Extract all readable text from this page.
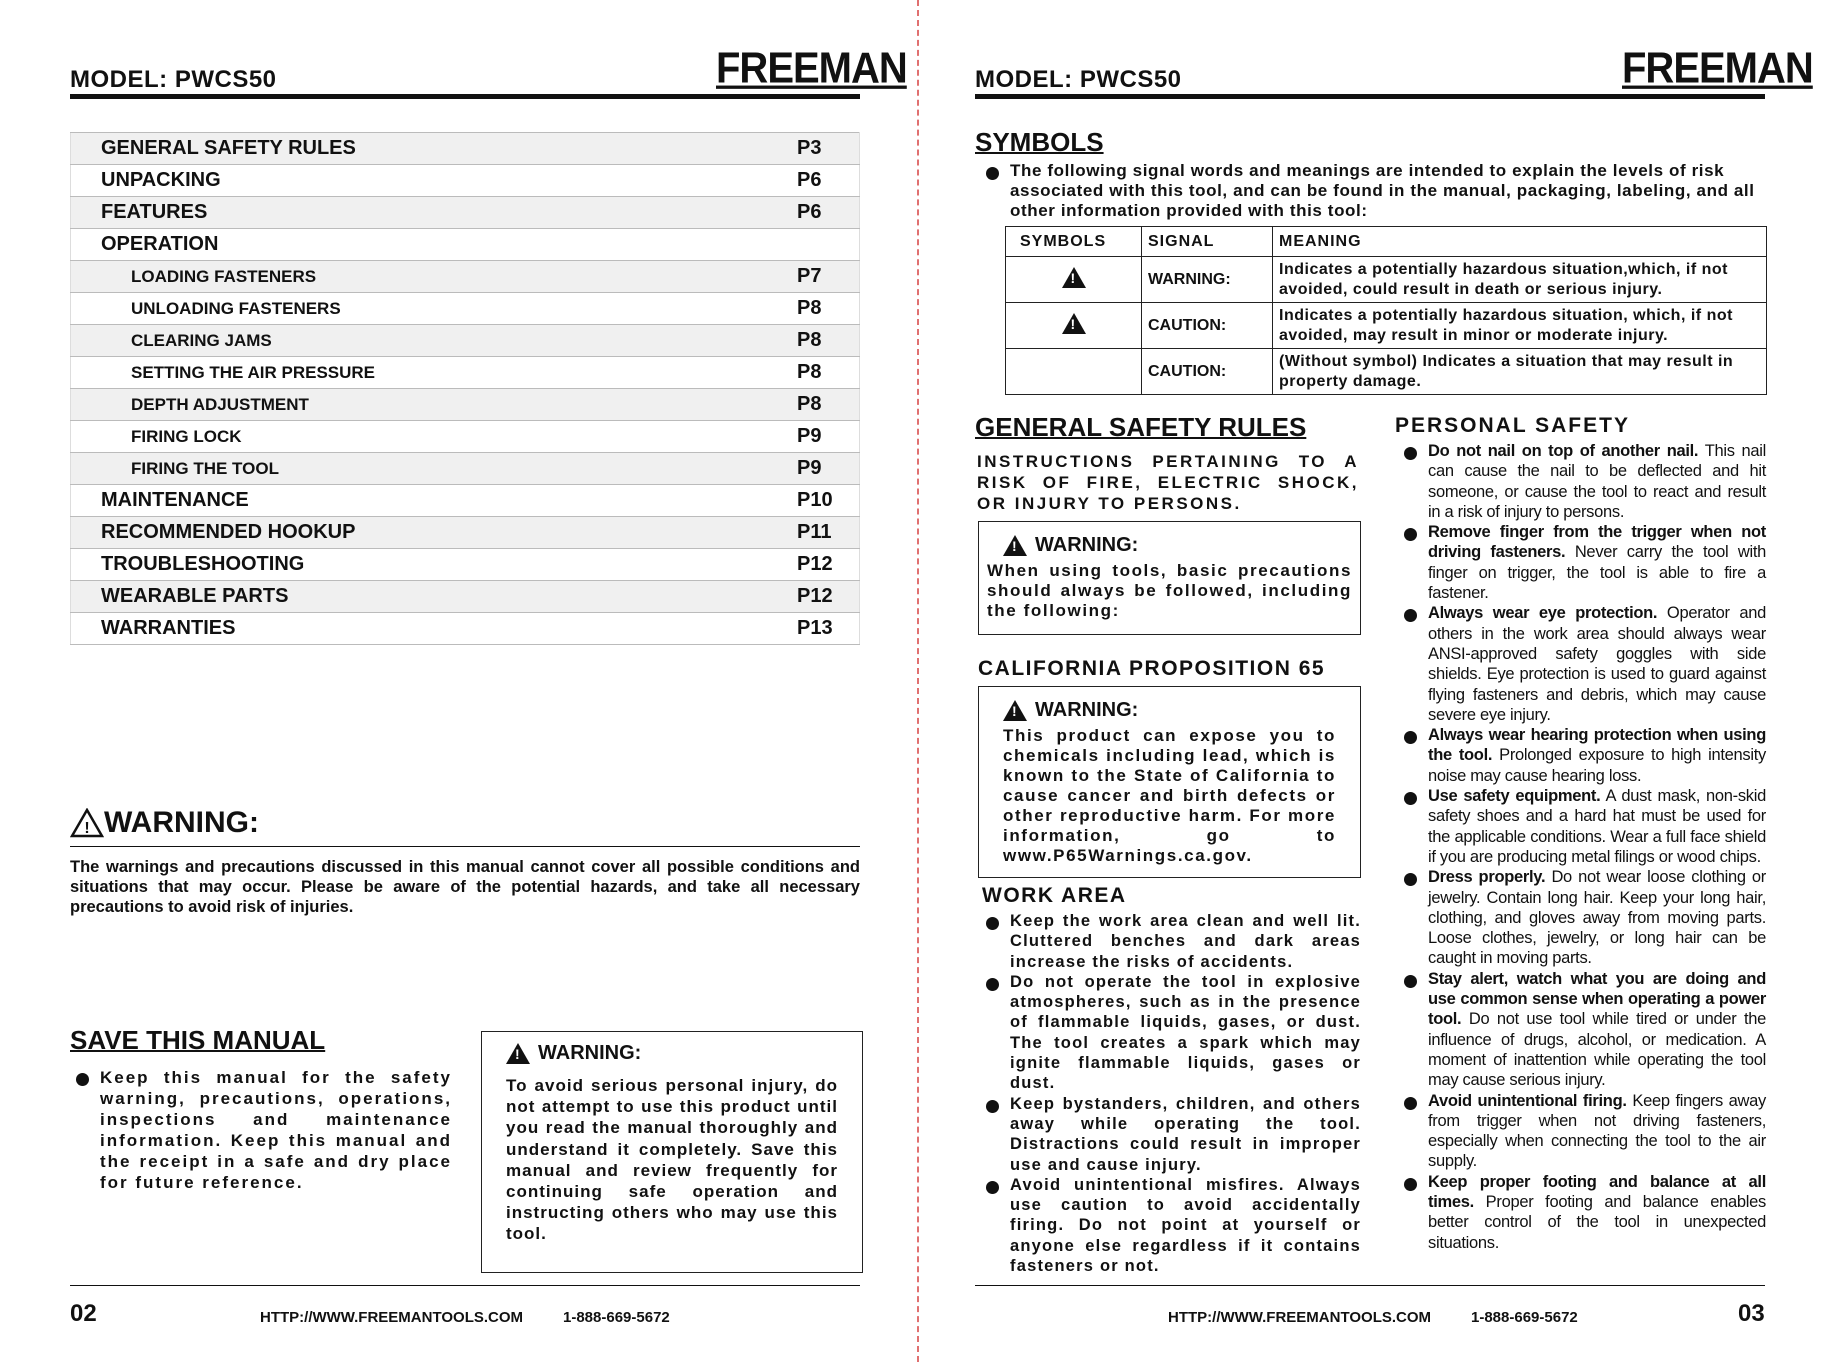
MODEL: PWCS50	FREEMAN
GENERAL SAFETY RULES	P3
UNPACKING	P6
FEATURES	P6
OPERATION	
LOADING FASTENERS	P7
UNLOADING FASTENERS	P8
CLEARING JAMS	P8
SETTING THE AIR PRESSURE	P8
DEPTH ADJUSTMENT	P8
FIRING LOCK	P9
FIRING THE TOOL	P9
MAINTENANCE	P10
RECOMMENDED HOOKUP	P11
TROUBLESHOOTING	P12
WEARABLE PARTS	P12
WARRANTIES	P13
! WARNING:
The warnings and precautions discussed in this manual cannot cover all possible conditions and situations that may occur. Please be aware of the potential hazards, and take all necessary precautions to avoid risk of injuries.
SAVE THIS MANUAL
Keep this manual for the safety warning, precautions, operations, inspections and maintenance information. Keep this manual and the receipt in a safe and dry place for future reference.
!
WARNING:
To avoid serious personal injury, do not attempt to use this product until you read the manual thoroughly and understand it completely. Save this manual and review frequently for continuing safe operation and instructing others who may use this tool.
02	HTTP://WWW.FREEMANTOOLS.COM	1-888-669-5672
MODEL: PWCS50	FREEMAN
SYMBOLS
The following signal words and meanings are intended to explain the levels of risk associated with this tool, and can be found in the manual, packaging, labeling, and all other information provided with this tool:
SYMBOLS	SIGNAL	MEANING
!	WARNING:	Indicates a potentially hazardous situation,which, if not avoided, could result in death or serious injury.
!	CAUTION:	Indicates a potentially hazardous situation, which, if not avoided, may result in minor or moderate injury.
	CAUTION:	(Without symbol) Indicates a situation that may result in property damage.
GENERAL SAFETY RULES
INSTRUCTIONS PERTAINING TO A RISK OF FIRE, ELECTRIC SHOCK, OR INJURY TO PERSONS.
!
WARNING:
When using tools, basic precautions should always be followed, including the following:
CALIFORNIA PROPOSITION 65
!
WARNING:
This product can expose you to chemicals including lead, which is known to the State of California to cause cancer and birth defects or other reproductive harm. For more information, go to www.P65Warnings.ca.gov.
WORK AREA
Keep the work area clean and well lit. Cluttered benches and dark areas increase the risks of accidents.
Do not operate the tool in explosive atmospheres, such as in the presence of flammable liquids, gases, or dust. The tool creates a spark which may ignite flammable liquids, gases or dust.
Keep bystanders, children, and others away while operating the tool. Distractions could result in improper use and cause injury.
Avoid unintentional misfires. Always use caution to avoid accidentally firing. Do not point at yourself or anyone else regardless if it contains fasteners or not.
PERSONAL SAFETY
Do not nail on top of another nail. This nail can cause the nail to be deflected and hit someone, or cause the tool to react and result in a risk of injury to persons.
Remove finger from the trigger when not driving fasteners. Never carry the tool with finger on trigger, the tool is able to fire a fastener.
Always wear eye protection. Operator and others in the work area should always wear ANSI-approved safety goggles with side shields. Eye protection is used to guard against flying fasteners and debris, which may cause severe eye injury.
Always wear hearing protection when using the tool. Prolonged exposure to high intensity noise may cause hearing loss.
Use safety equipment. A dust mask, non-skid safety shoes and a hard hat must be used for the applicable conditions. Wear a full face shield if you are producing metal filings or wood chips.
Dress properly. Do not wear loose clothing or jewelry. Contain long hair. Keep your long hair, clothing, and gloves away from moving parts. Loose clothes, jewelry, or long hair can be caught in moving parts.
Stay alert, watch what you are doing and use common sense when operating a power tool. Do not use tool while tired or under the influence of drugs, alcohol, or medication. A moment of inattention while operating the tool may cause serious injury.
Avoid unintentional firing. Keep fingers away from trigger when not driving fasteners, especially when connecting the tool to the air supply.
Keep proper footing and balance at all times. Proper footing and balance enables better control of the tool in unexpected situations.
HTTP://WWW.FREEMANTOOLS.COM	1-888-669-5672	03
